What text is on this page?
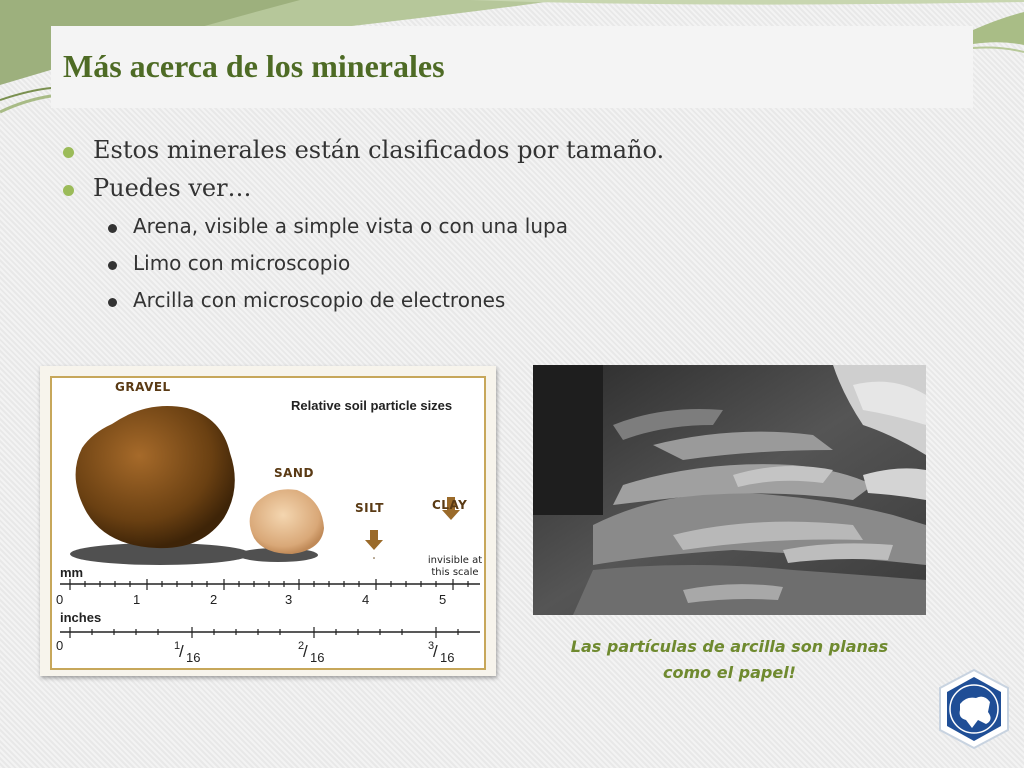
Más acerca de los minerales
Estos minerales están clasificados por tamaño.
Puedes ver…
Arena, visible a simple vista o con una lupa
Limo con microscopio
Arcilla con microscopio de electrones
Relative soil particle sizes
GRAVEL
SAND
SILT	CLAY
invisible at
this scale
mm
0	1	2	3	4	5
inches
0	1
/ 16
2
/ 16
3
/ 16
Las partículas de arcilla son planas
como el papel!
